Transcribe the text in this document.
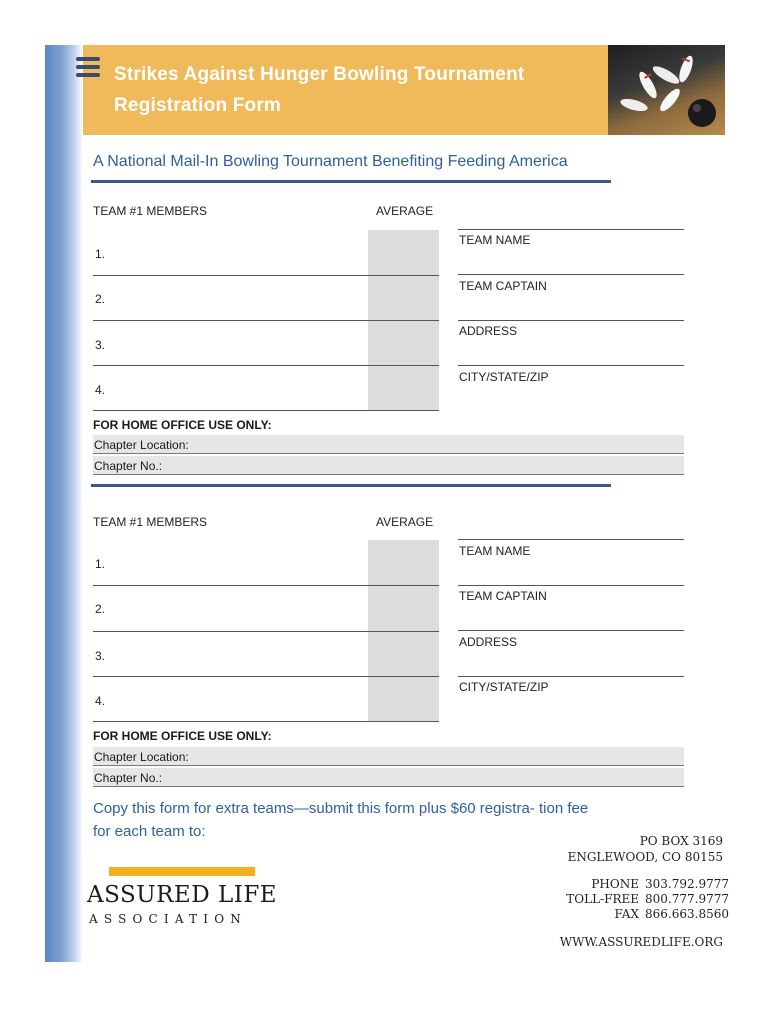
Strikes Against Hunger Bowling Tournament
Registration Form
A National Mail-In Bowling Tournament Benefiting Feeding America
TEAM #1 MEMBERS	AVERAGE
1.
2.
3.
4.
TEAM NAME
TEAM CAPTAIN
ADDRESS
CITY/STATE/ZIP
FOR HOME OFFICE USE ONLY:
Chapter Location:
Chapter No.:
TEAM #1 MEMBERS	AVERAGE
1.
2.
3.
4.
TEAM NAME
TEAM CAPTAIN
ADDRESS
CITY/STATE/ZIP
FOR HOME OFFICE USE ONLY:
Chapter Location:
Chapter No.:
Copy this form for extra teams—submit this form plus $60 registra- tion fee for each team to:
ASSURED LIFE
ASSOCIATION
PO BOX 3169
ENGLEWOOD, CO 80155
PHONE 303.792.9777
TOLL-FREE 800.777.9777
FAX 866.663.8560
WWW.ASSUREDLIFE.ORG
